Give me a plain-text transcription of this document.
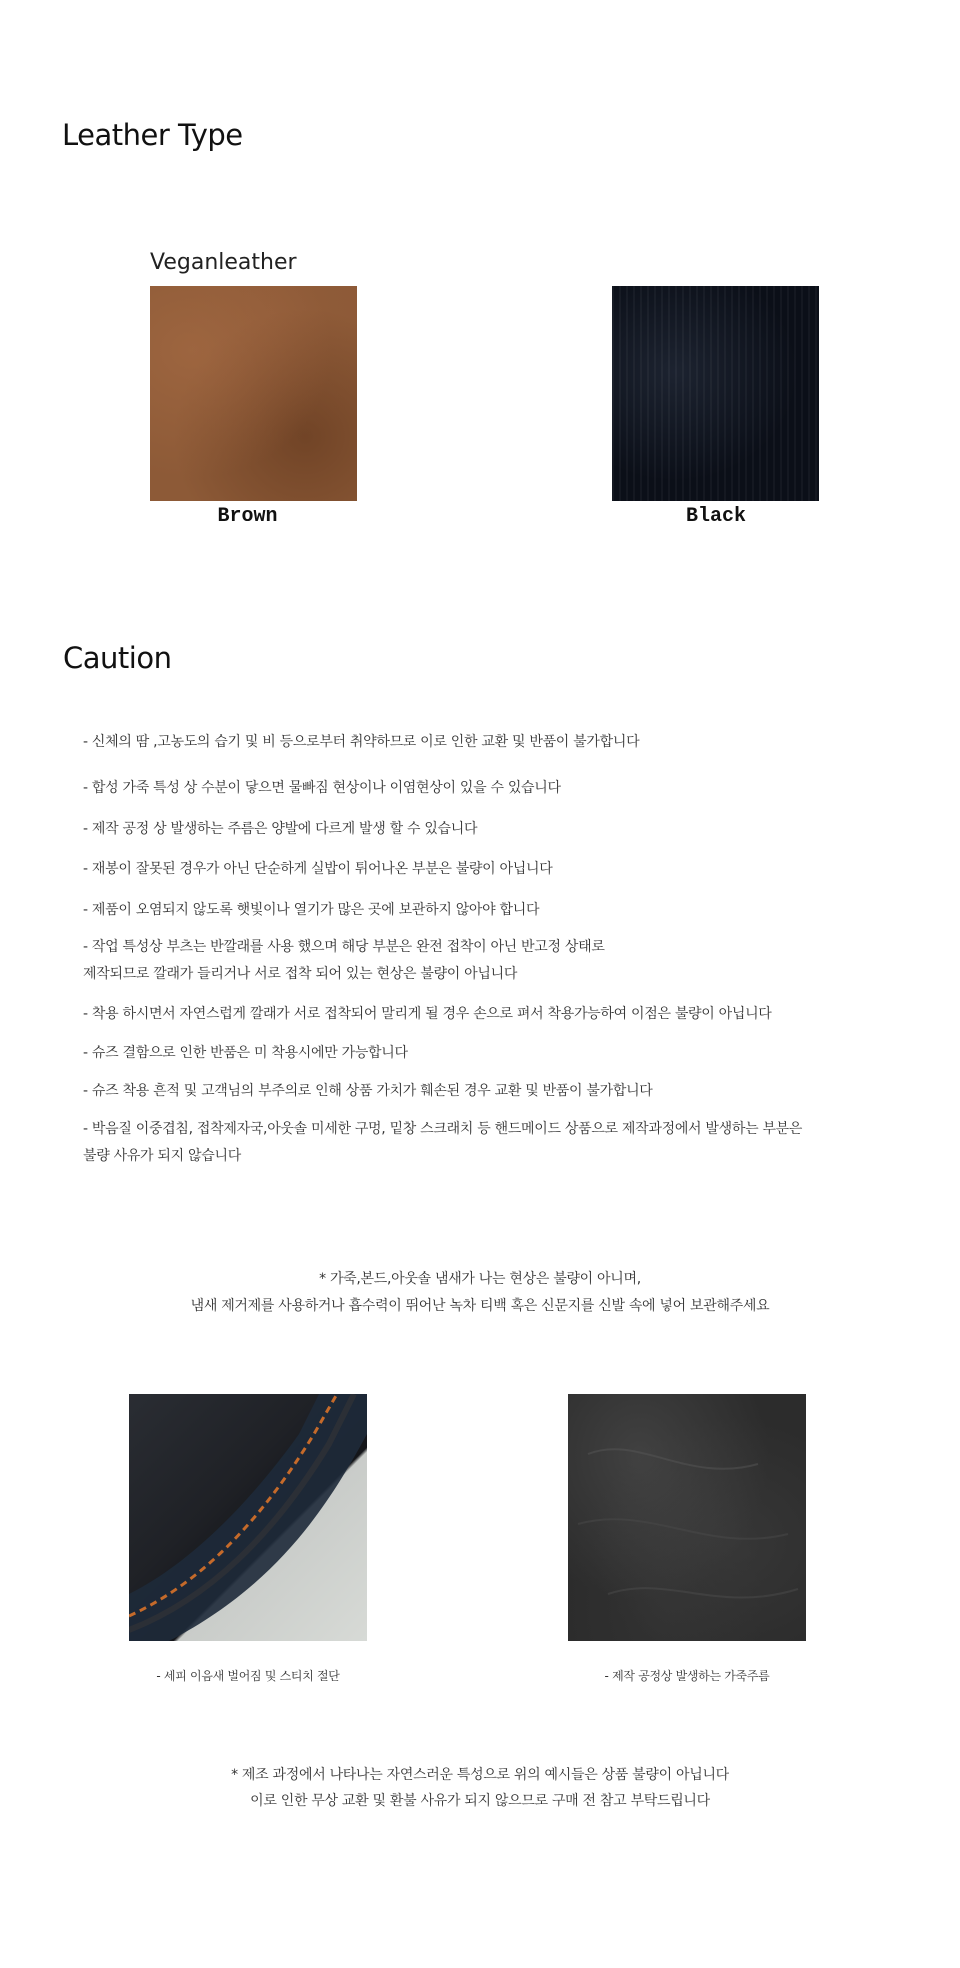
Leather Type
Veganleather
Brown	Black
Caution
- 신체의 땀 ,고농도의 습기 및 비 등으로부터 취약하므로 이로 인한 교환 및 반품이 불가합니다
- 합성 가죽 특성 상 수분이 닿으면 물빠짐 현상이나 이염현상이 있을 수 있습니다
- 제작 공정 상 발생하는 주름은 양발에 다르게 발생 할 수 있습니다
- 재봉이 잘못된 경우가 아닌 단순하게 실밥이 튀어나온 부분은 불량이 아닙니다
- 제품이 오염되지 않도록 햇빛이나 열기가 많은 곳에 보관하지 않아야 합니다
- 작업 특성상 부츠는 반깔래를 사용 했으며 해당 부분은 완전 접착이 아닌 반고정 상태로
제작되므로 깔래가 들리거나 서로 접착 되어 있는 현상은 불량이 아닙니다
- 착용 하시면서 자연스럽게 깔래가 서로 접착되어 말리게 될 경우 손으로 펴서 착용가능하여 이점은 불량이 아닙니다
- 슈즈 결함으로 인한 반품은 미 착용시에만 가능합니다
- 슈즈 착용 흔적 및 고객님의 부주의로 인해 상품 가치가 훼손된 경우 교환 및 반품이 불가합니다
- 박음질 이중겹침, 접착제자국,아웃솔 미세한 구멍, 밑창 스크래치 등 핸드메이드 상품으로 제작과정에서 발생하는 부분은
불량 사유가 되지 않습니다
* 가죽,본드,아웃솔 냄새가 나는 현상은 불량이 아니며,
냄새 제거제를 사용하거나 흡수력이 뛰어난 녹차 티백 혹은 신문지를 신발 속에 넣어 보관해주세요
- 세피 이음새 벌어짐 및 스티치 절단	- 제작 공정상 발생하는 가죽주름
* 제조 과정에서 나타나는 자연스러운 특성으로 위의 예시들은 상품 불량이 아닙니다
이로 인한 무상 교환 및 환불 사유가 되지 않으므로 구매 전 참고 부탁드립니다
